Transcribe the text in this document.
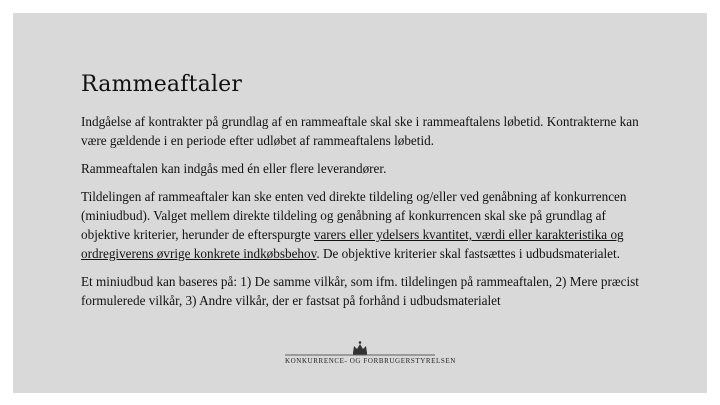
Rammeaftaler

Indgåelse af kontrakter på grundlag af en rammeaftale skal ske i rammeaftalens løbetid. Kontrakterne kan være gældende i en periode efter udløbet af rammeaftalens løbetid.

Rammeaftalen kan indgås med én eller flere leverandører.

Tildelingen af rammeaftaler kan ske enten ved direkte tildeling og/eller ved genåbning af konkurrencen (miniudbud). Valget mellem direkte tildeling og genåbning af konkurrencen skal ske på grundlag af objektive kriterier, herunder de efterspurgte varers eller ydelsers kvantitet, værdi eller karakteristika og ordregiverens øvrige konkrete indkøbsbehov. De objektive kriterier skal fastsættes i udbudsmaterialet.

Et miniudbud kan baseres på: 1) De samme vilkår, som ifm. tildelingen på rammeaftalen, 2) Mere præcist formulerede vilkår, 3) Andre vilkår, der er fastsat på forhånd i udbudsmaterialet

KONKURRENCE- OG FORBRUGERSTYRELSEN
